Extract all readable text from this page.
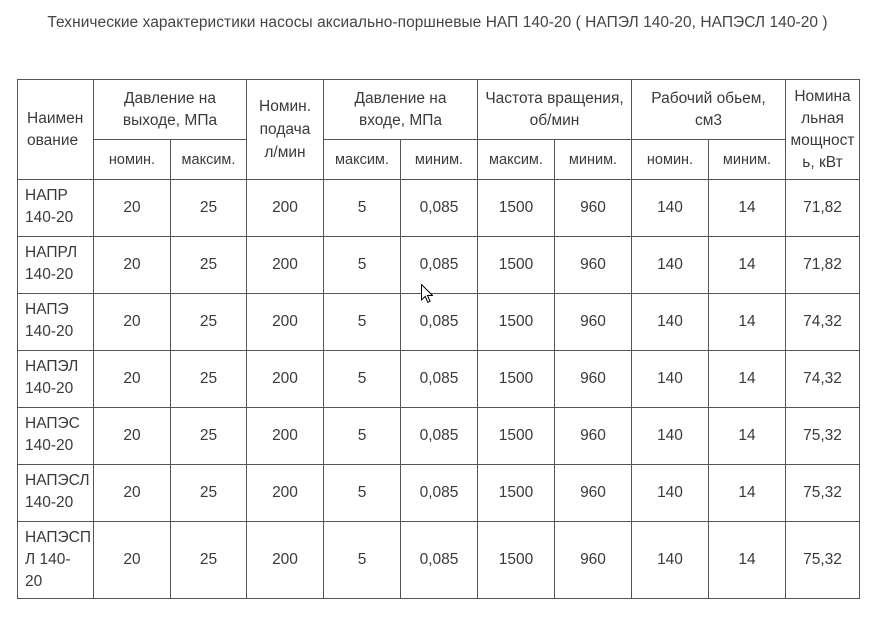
Технические характеристики насосы аксиально-поршневые НАП 140-20 ( НАПЭЛ 140-20, НАПЭСЛ 140-20 )
Наимен ование	Давление на выходе, МПа		Номин. подача л/мин	Давление на входе, МПа		Частота вращения, об/мин		Рабочий обьем, см3		Номина льная мощност ь, кВт

	номин.	максим.		максим.	миним.	максим.	миним.	номин.	миним.	

НАПР 140-20	20	25	200	5	0,085	1500	960	140	14	71,82

НАПРЛ 140-20	20	25	200	5	0,085	1500	960	140	14	71,82

НАПЭ 140-20	20	25	200	5	0,085	1500	960	140	14	74,32

НАПЭЛ 140-20	20	25	200	5	0,085	1500	960	140	14	74,32

НАПЭС 140-20	20	25	200	5	0,085	1500	960	140	14	75,32

НАПЭСЛ 140-20	20	25	200	5	0,085	1500	960	140	14	75,32

НАПЭСП Л 140-20	20	25	200	5	0,085	1500	960	140	14	75,32
